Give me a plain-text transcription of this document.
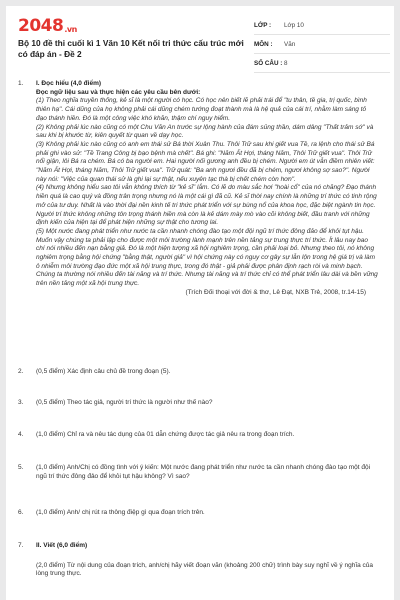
$2048_{.vn}$
Bộ 10 đề thi cuối kì 1 Văn 10 Kết nối tri thức cấu trúc mới có đáp án - Đề 2
LỚP :	Lớp 10
MÔN :	Văn
SỐ CÂU : 8
1.	I. Đọc hiểu (4,0 điểm)
Đọc ngữ liệu sau và thực hiện các yêu cầu bên dưới:

(1) Theo nghĩa truyền thống, kẻ sĩ là một người có học. Có học nên biết lẽ phải trái để "tu thân, tề gia, trị quốc, bình thiên hạ". Cái dũng của họ không phải cái dũng chém tướng đoạt thành mà là hệ quả của cái trí, nhằm làm sáng tỏ đạo thánh hiền. Đó là một công việc khó khăn, thậm chí nguy hiểm.

(2) Không phải lúc nào cũng có một Chu Văn An trước sự lộng hành của đám sủng thần, dám dâng "Thất trảm sớ" và sau khi bị khước từ, kiên quyết từ quan về dạy học.

(3) Không phải lúc nào cũng có anh em thái sử Bá thời Xuân Thu. Thôi Trữ sau khi giết vua Tề, ra lệnh cho thái sử Bá phải ghi vào sử: "Tề Trang Công bị bạo bệnh mà chết". Bá ghi: "Năm Ất Hợi, tháng Năm, Thôi Trữ giết vua". Thôi Trữ nổi giận, lôi Bá ra chém. Bá có ba người em. Hai người nối gương anh đều bị chém. Người em út vẫn điềm nhiên viết: "Năm Ất Hợi, tháng Năm, Thôi Trữ giết vua". Trữ quát: "Ba anh ngươi đều đã bị chém, ngươi không sợ sao?". Người này nói: "Việc của quan thái sử là ghi lại sự thật, nếu xuyên tạc thà bị chết chém còn hơn".

(4) Nhưng không hiểu sao tôi vẫn không thích từ "kẻ sĩ" lắm. Có lẽ do màu sắc hơi "hoài cổ" của nó chăng? Đạo thánh hiền quá là cao quý và đồng trân trọng nhưng nó là một cái gì đã cũ. Kẻ sĩ thời nay chính là những trí thức có tinh rộng mở của tư duy. Nhất là vào thời đại nền kinh tế tri thức phát triển với sự bùng nổ của khoa học, đặc biệt ngành tin học. Người trí thức không những tôn trọng thánh hiền mà còn là kẻ dám mày mò vào cõi không biết, đầu tranh với những định kiến của hiện tại để phát hiện những sự thật cho tương lai.

(5) Một nước đang phát triển như nước ta cần nhanh chóng đào tạo một đội ngũ trí thức đông đảo để khỏi tụt hậu. Muốn vậy chúng ta phải lập cho được một môi trường lành mạnh trên nền tảng sự trung thực trí thức. Ít lâu nay bao chí nói nhiều đến nạn bằng giả. Đó là một hiện tượng xã hội nghiêm trọng, cần phải loại bỏ. Nhưng theo tôi, nó không nghiêm trọng bằng hội chứng "bằng thật, người giả" vì hội chứng này có nguy cơ gây sự lẫn lộn trong hệ giá trị và làm ô nhiễm môi trường đạo đức một xã hội trung thực, trong đó thật - giả phải được phân định rạch ròi và minh bạch. Chúng ta thường nói nhiều đến tài năng và trí thức. Nhưng tài năng và trí thức chỉ có thể phát triển lâu dài và bền vững trên nền tảng một xã hội trung thực.

(Trích Đối thoại với đời & thơ, Lê Đạt, NXB Trẻ, 2008, tr.14-15)
2.	(0,5 điểm) Xác định câu chủ đề trong đoạn (5).
3.	(0,5 điểm) Theo tác giả, người trí thức là người như thế nào?
4.	(1,0 điểm) Chỉ ra và nêu tác dụng của 01 dẫn chứng được tác giả nêu ra trong đoạn trích.
5.	(1,0 điểm) Anh/Chị có đồng tình với ý kiến: Một nước đang phát triển như nước ta cần nhanh chóng đào tạo một đội ngũ trí thức đông đảo để khỏi tụt hậu không? Vì sao?
6.	(1,0 điểm) Anh/ chị rút ra thông điệp gì qua đoạn trích trên.
7.	II. Viết (6,0 điểm)
(2,0 điểm) Từ nội dung của đoạn trích, anh/chị hãy viết đoạn văn (khoảng 200 chữ) trình bày suy nghĩ về ý nghĩa của lòng trung thực.
